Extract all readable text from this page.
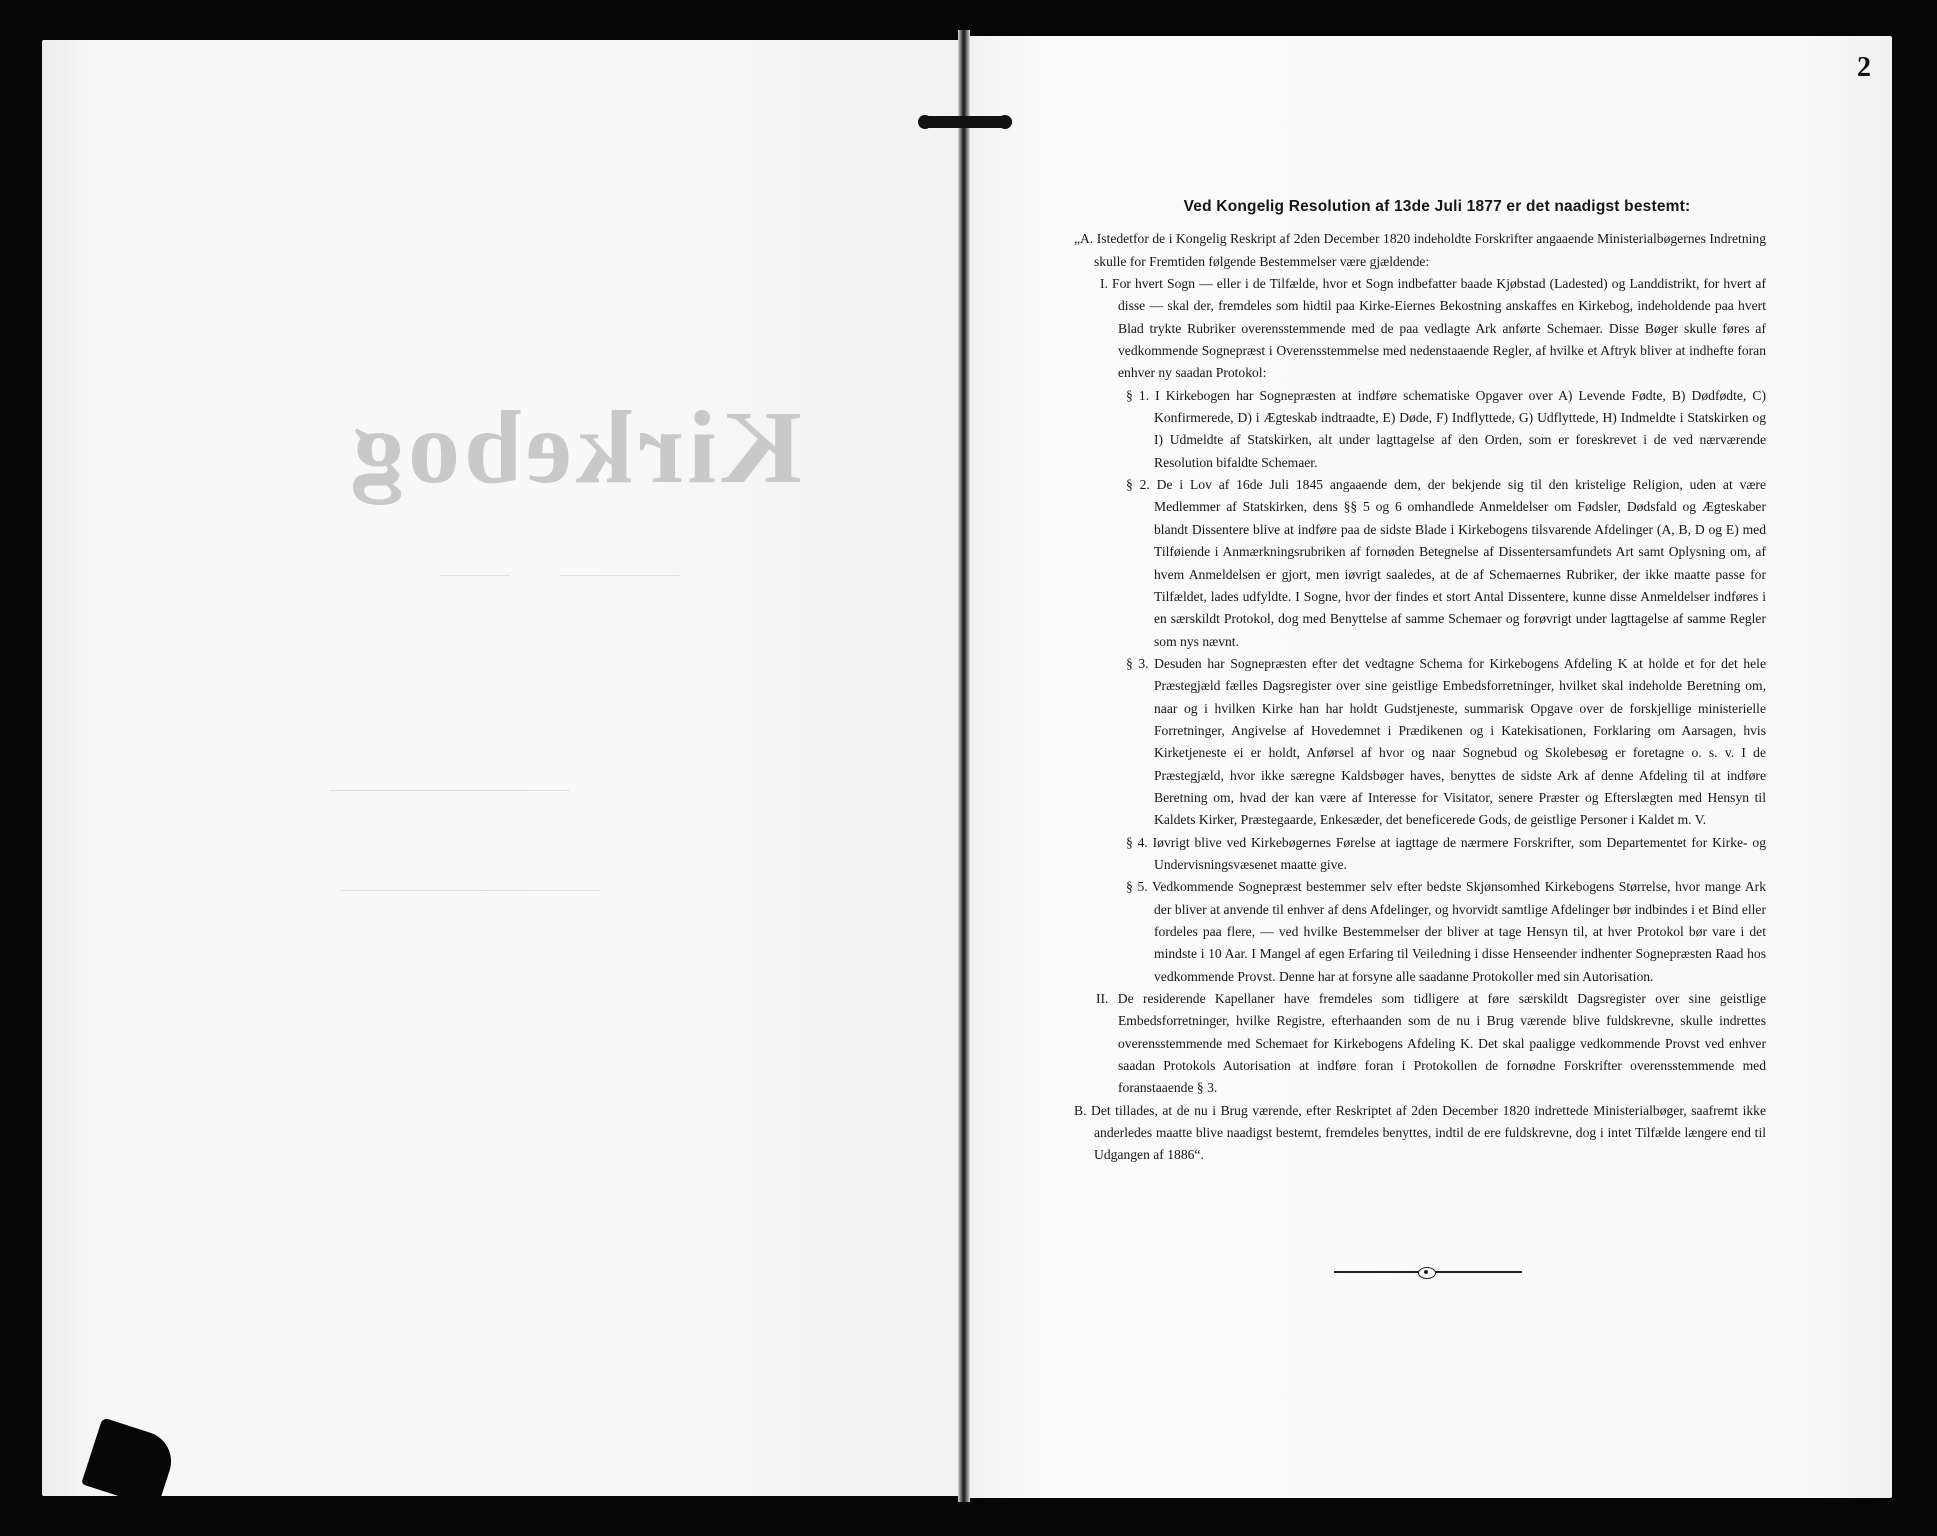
Kirkebog
2
Ved Kongelig Resolution af 13de Juli 1877 er det naadigst bestemt:

„A. Istedetfor de i Kongelig Reskript af 2den December 1820 indeholdte Forskrifter angaaende Ministerialbøgernes Indretning skulle for Fremtiden følgende Bestemmelser være gjældende:

I. For hvert Sogn — eller i de Tilfælde, hvor et Sogn indbefatter baade Kjøbstad (Ladested) og Landdistrikt, for hvert af disse — skal der, fremdeles som hidtil paa Kirke-Eiernes Bekostning anskaffes en Kirkebog, indeholdende paa hvert Blad trykte Rubriker overensstemmende med de paa vedlagte Ark anførte Schemaer. Disse Bøger skulle føres af vedkommende Sognepræst i Overensstemmelse med nedenstaaende Regler, af hvilke et Aftryk bliver at indhefte foran enhver ny saadan Protokol:

§ 1. I Kirkebogen har Sognepræsten at indføre schematiske Opgaver over A) Levende Fødte, B) Dødfødte, C) Konfirmerede, D) i Ægteskab indtraadte, E) Døde, F) Indflyttede, G) Udflyttede, H) Indmeldte i Statskirken og I) Udmeldte af Statskirken, alt under lagttagelse af den Orden, som er foreskrevet i de ved nærværende Resolution bifaldte Schemaer.

§ 2. De i Lov af 16de Juli 1845 angaaende dem, der bekjende sig til den kristelige Religion, uden at være Medlemmer af Statskirken, dens §§ 5 og 6 omhandlede Anmeldelser om Fødsler, Dødsfald og Ægteskaber blandt Dissentere blive at indføre paa de sidste Blade i Kirkebogens tilsvarende Afdelinger (A, B, D og E) med Tilføiende i Anmærkningsrubriken af fornøden Betegnelse af Dissentersamfundets Art samt Oplysning om, af hvem Anmeldelsen er gjort, men iøvrigt saaledes, at de af Schemaernes Rubriker, der ikke maatte passe for Tilfældet, lades udfyldte. I Sogne, hvor der findes et stort Antal Dissentere, kunne disse Anmeldelser indføres i en særskildt Protokol, dog med Benyttelse af samme Schemaer og forøvrigt under lagttagelse af samme Regler som nys nævnt.

§ 3. Desuden har Sognepræsten efter det vedtagne Schema for Kirkebogens Afdeling K at holde et for det hele Præstegjæld fælles Dagsregister over sine geistlige Embedsforretninger, hvilket skal indeholde Beretning om, naar og i hvilken Kirke han har holdt Gudstjeneste, summarisk Opgave over de forskjellige ministerielle Forretninger, Angivelse af Hovedemnet i Prædikenen og i Katekisationen, Forklaring om Aarsagen, hvis Kirketjeneste ei er holdt, Anførsel af hvor og naar Sognebud og Skolebesøg er foretagne o. s. v. I de Præstegjæld, hvor ikke særegne Kaldsbøger haves, benyttes de sidste Ark af denne Afdeling til at indføre Beretning om, hvad der kan være af Interesse for Visitator, senere Præster og Efterslægten med Hensyn til Kaldets Kirker, Præstegaarde, Enkesæder, det beneficerede Gods, de geistlige Personer i Kaldet m. V.

§ 4. Iøvrigt blive ved Kirkebøgernes Førelse at iagttage de nærmere Forskrifter, som Departementet for Kirke- og Undervisningsvæsenet maatte give.

§ 5. Vedkommende Sognepræst bestemmer selv efter bedste Skjønsomhed Kirkebogens Størrelse, hvor mange Ark der bliver at anvende til enhver af dens Afdelinger, og hvorvidt samtlige Afdelinger bør indbindes i et Bind eller fordeles paa flere, — ved hvilke Bestemmelser der bliver at tage Hensyn til, at hver Protokol bør vare i det mindste i 10 Aar. I Mangel af egen Erfaring til Veiledning i disse Henseender indhenter Sognepræsten Raad hos vedkommende Provst. Denne har at forsyne alle saadanne Protokoller med sin Autorisation.

II. De residerende Kapellaner have fremdeles som tidligere at føre særskildt Dagsregister over sine geistlige Embedsforretninger, hvilke Registre, efterhaanden som de nu i Brug værende blive fuldskrevne, skulle indrettes overensstemmende med Schemaet for Kirkebogens Afdeling K. Det skal paaligge vedkommende Provst ved enhver saadan Protokols Autorisation at indføre foran i Protokollen de fornødne Forskrifter overensstemmende med foranstaaende § 3.

B. Det tillades, at de nu i Brug værende, efter Reskriptet af 2den December 1820 indrettede Ministerialbøger, saafremt ikke anderledes maatte blive naadigst bestemt, fremdeles benyttes, indtil de ere fuldskrevne, dog i intet Tilfælde længere end til Udgangen af 1886“.
